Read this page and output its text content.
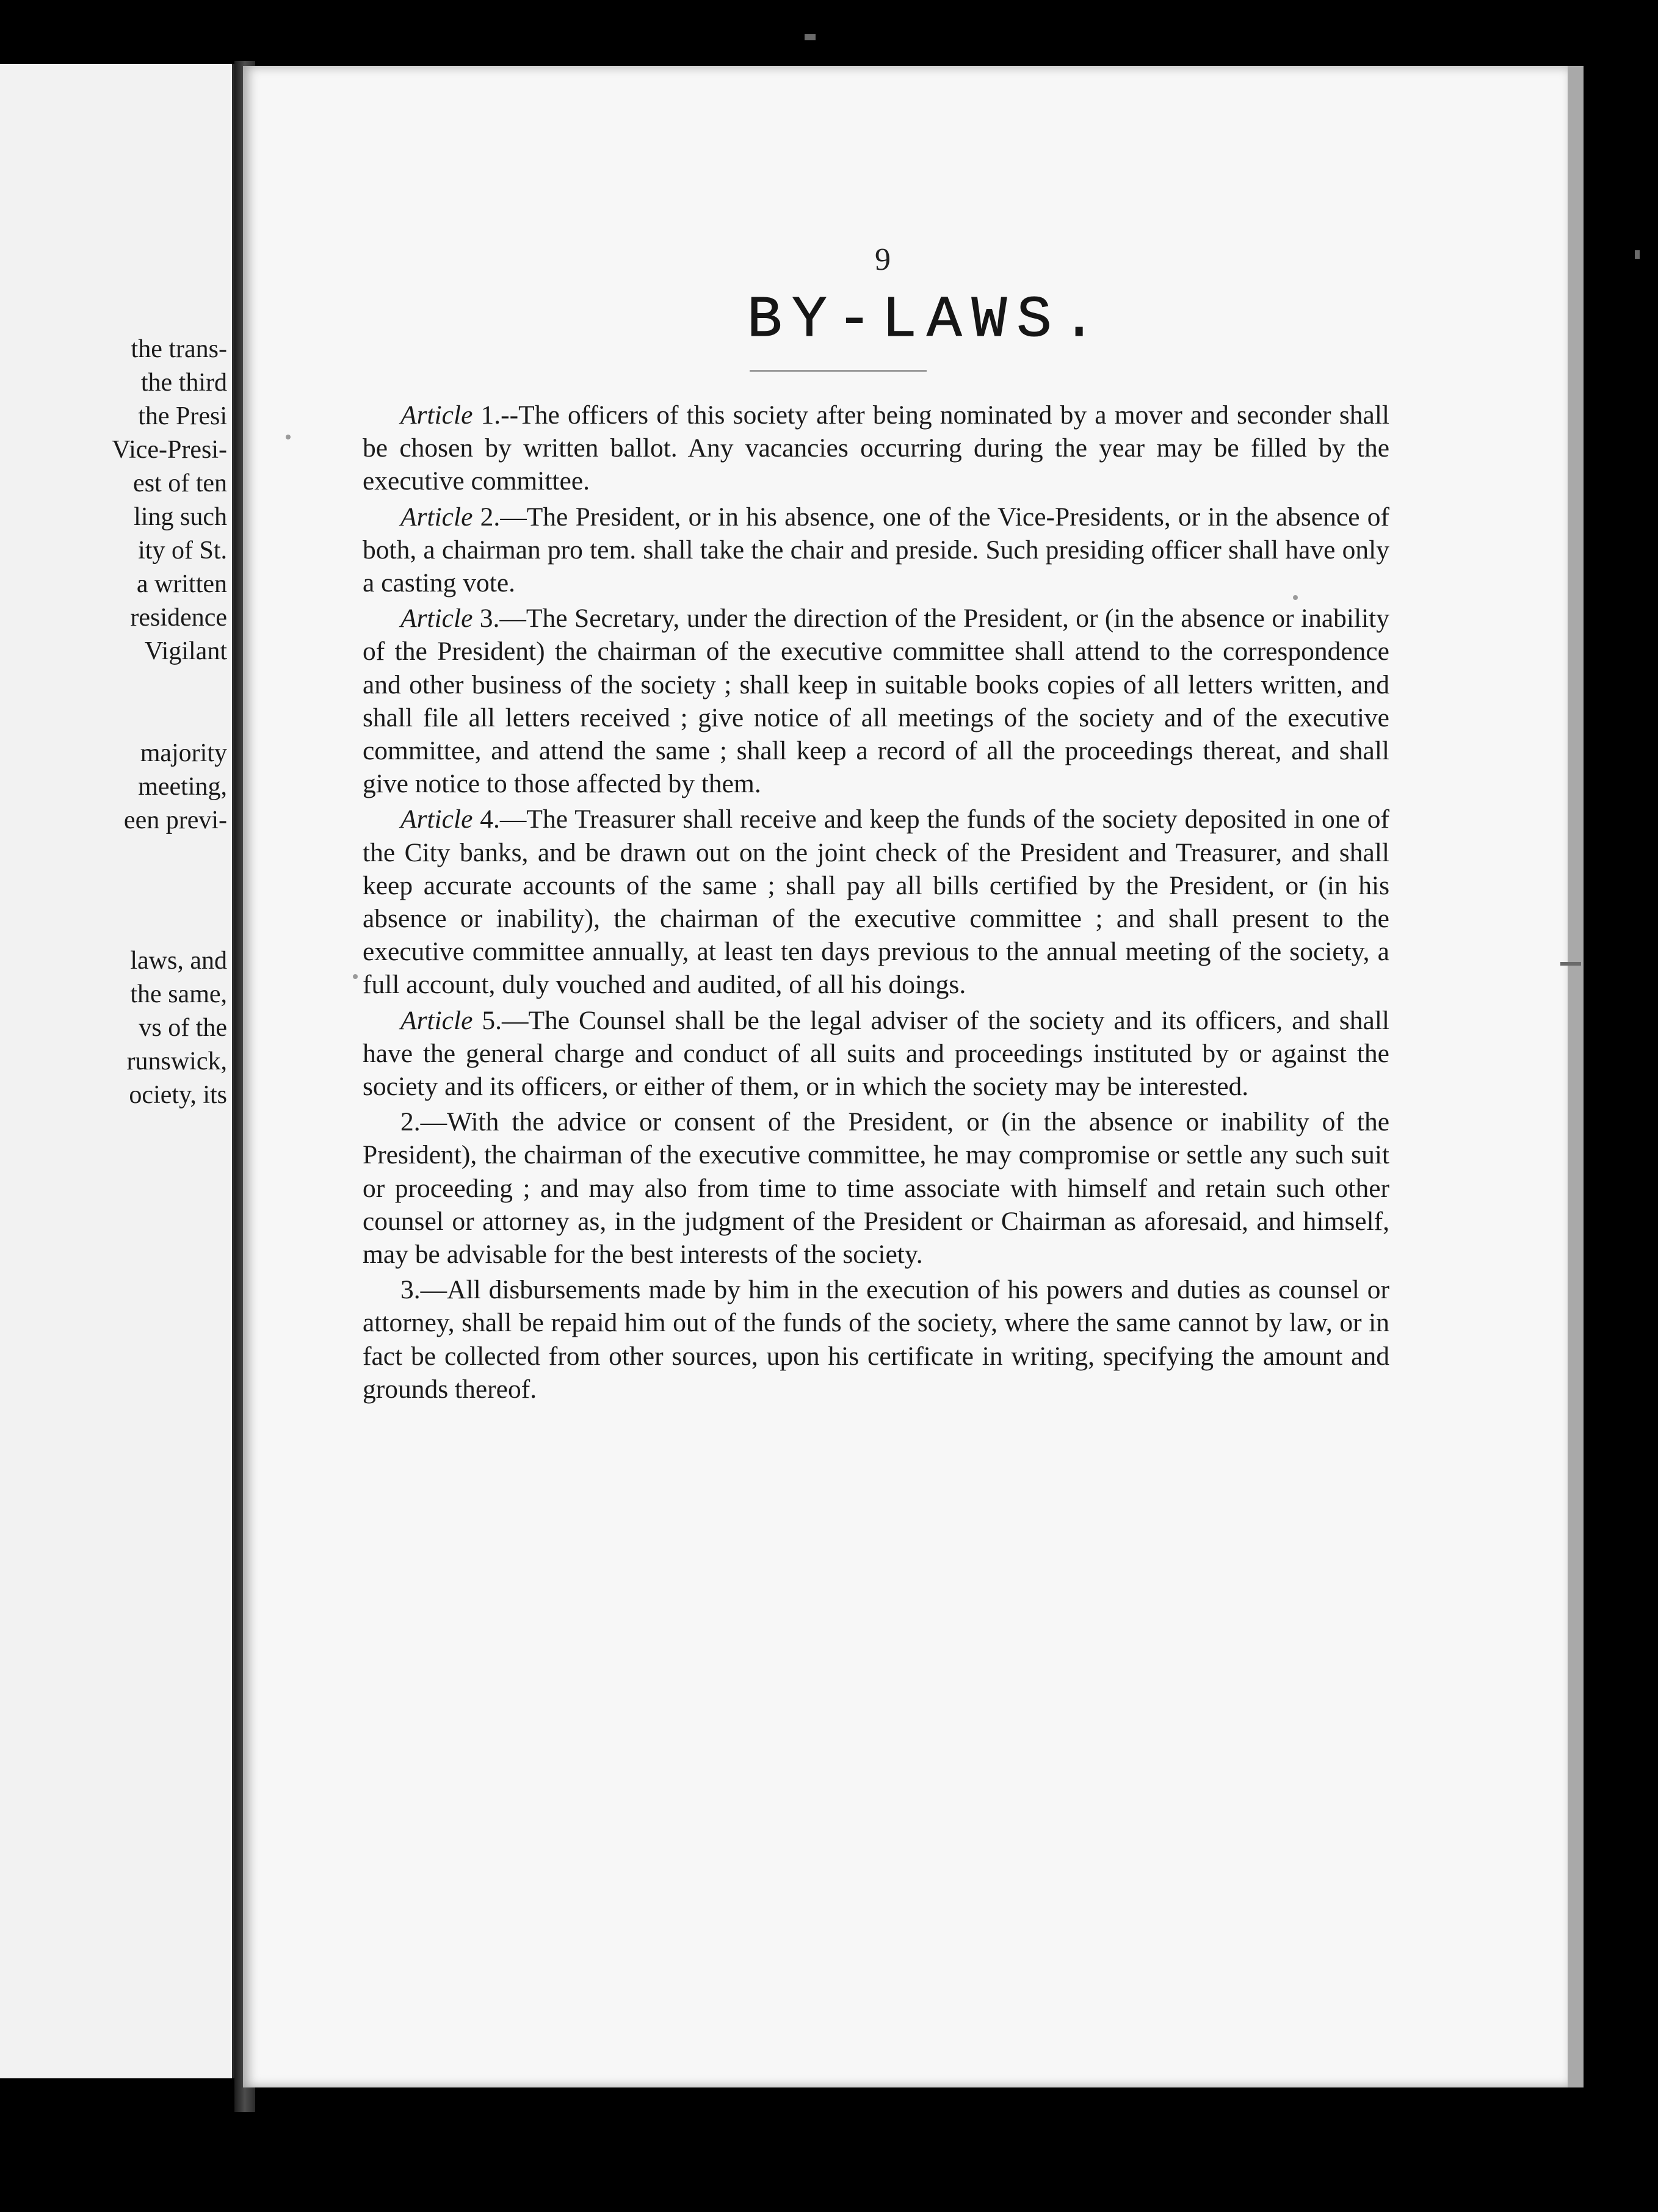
the trans-
the third
the Presi
Vice-Presi-
est of ten
ling such
ity of St.
a written
residence
Vigilant
majority
meeting,
een previ-
laws, and
the same,
vs of the
runswick,
ociety, its
9
BY-LAWS.

Article 1.--The officers of this society after being nominated by a mover and seconder shall be chosen by written ballot. Any vacancies occurring during the year may be filled by the executive committee.

Article 2.—The President, or in his absence, one of the Vice-Presidents, or in the absence of both, a chairman pro tem. shall take the chair and preside. Such presiding officer shall have only a casting vote.

Article 3.—The Secretary, under the direction of the President, or (in the absence or inability of the President) the chairman of the executive committee shall attend to the correspondence and other business of the society ; shall keep in suitable books copies of all letters written, and shall file all letters received ; give notice of all meetings of the society and of the executive committee, and attend the same ; shall keep a record of all the proceedings thereat, and shall give notice to those affected by them.

Article 4.—The Treasurer shall receive and keep the funds of the society deposited in one of the City banks, and be drawn out on the joint check of the President and Treasurer, and shall keep accurate accounts of the same ; shall pay all bills certified by the President, or (in his absence or inability), the chairman of the executive committee ; and shall present to the executive committee annually, at least ten days previous to the annual meeting of the society, a full account, duly vouched and audited, of all his doings.

Article 5.—The Counsel shall be the legal adviser of the society and its officers, and shall have the general charge and conduct of all suits and proceedings instituted by or against the society and its officers, or either of them, or in which the society may be interested.

2.—With the advice or consent of the President, or (in the absence or inability of the President), the chairman of the executive committee, he may compromise or settle any such suit or proceeding ; and may also from time to time associate with himself and retain such other counsel or attorney as, in the judgment of the President or Chairman as aforesaid, and himself, may be advisable for the best interests of the society.

3.—All disbursements made by him in the execution of his powers and duties as counsel or attorney, shall be repaid him out of the funds of the society, where the same cannot by law, or in fact be collected from other sources, upon his certificate in writing, specifying the amount and grounds thereof.
